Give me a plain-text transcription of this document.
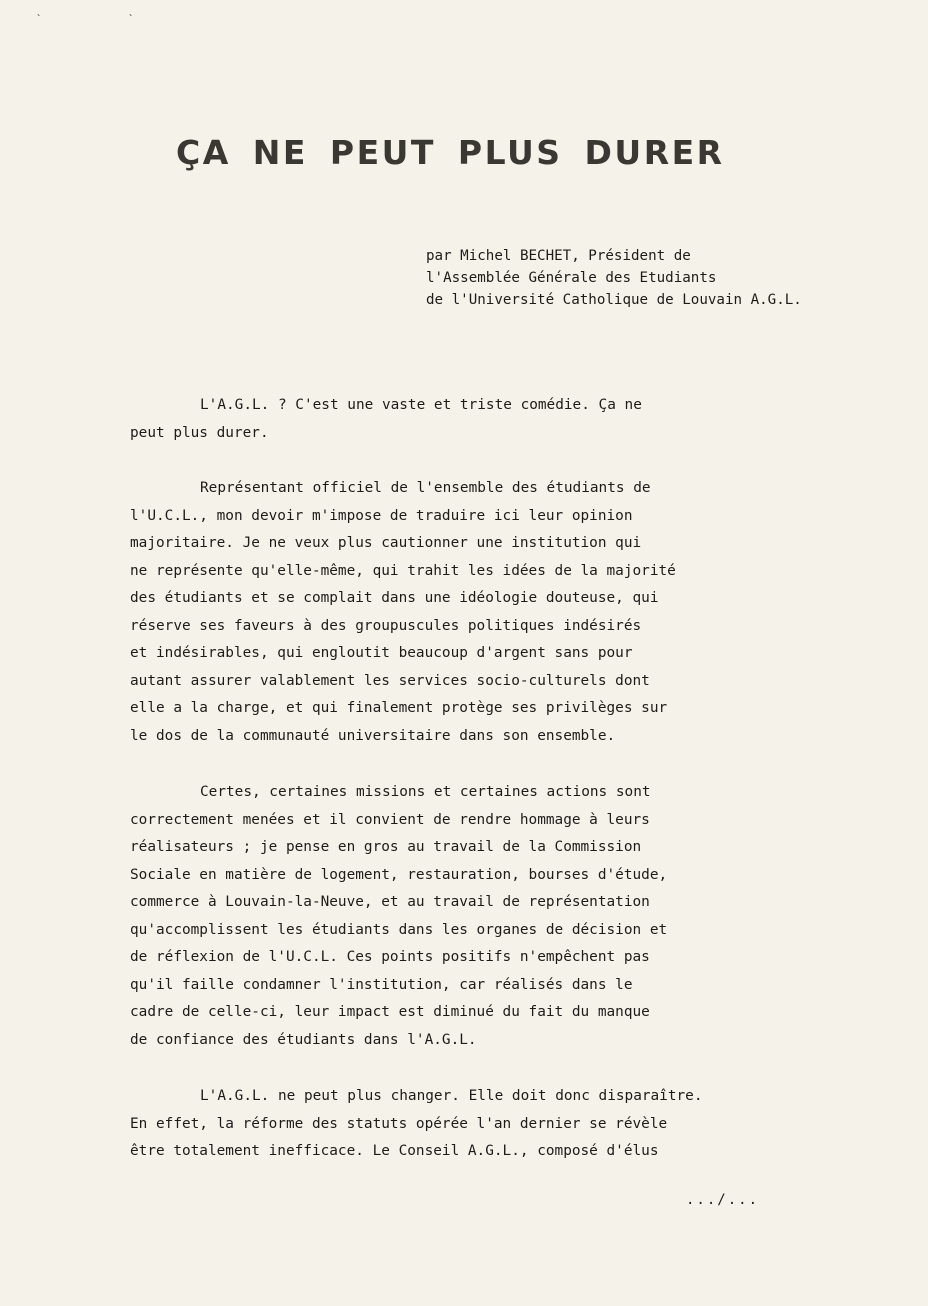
` `
ÇA NE PEUT PLUS DURER
par Michel BECHET, Président de
l'Assemblée Générale des Etudiants
de l'Université Catholique de Louvain A.G.L.
L'A.G.L. ? C'est une vaste et triste comédie. Ça ne
peut plus durer.
Représentant officiel de l'ensemble des étudiants de
l'U.C.L., mon devoir m'impose de traduire ici leur opinion
majoritaire. Je ne veux plus cautionner une institution qui
ne représente qu'elle-même, qui trahit les idées de la majorité
des étudiants et se complait dans une idéologie douteuse, qui
réserve ses faveurs à des groupuscules politiques indésirés
et indésirables, qui engloutit beaucoup d'argent sans pour
autant assurer valablement les services socio-culturels dont
elle a la charge, et qui finalement protège ses privilèges sur
le dos de la communauté universitaire dans son ensemble.
Certes, certaines missions et certaines actions sont
correctement menées et il convient de rendre hommage à leurs
réalisateurs ; je pense en gros au travail de la Commission
Sociale en matière de logement, restauration, bourses d'étude,
commerce à Louvain-la-Neuve, et au travail de représentation
qu'accomplissent les étudiants dans les organes de décision et
de réflexion de l'U.C.L. Ces points positifs n'empêchent pas
qu'il faille condamner l'institution, car réalisés dans le
cadre de celle-ci, leur impact est diminué du fait du manque
de confiance des étudiants dans l'A.G.L.
L'A.G.L. ne peut plus changer. Elle doit donc disparaître.
En effet, la réforme des statuts opérée l'an dernier se révèle
être totalement inefficace. Le Conseil A.G.L., composé d'élus
.../...
